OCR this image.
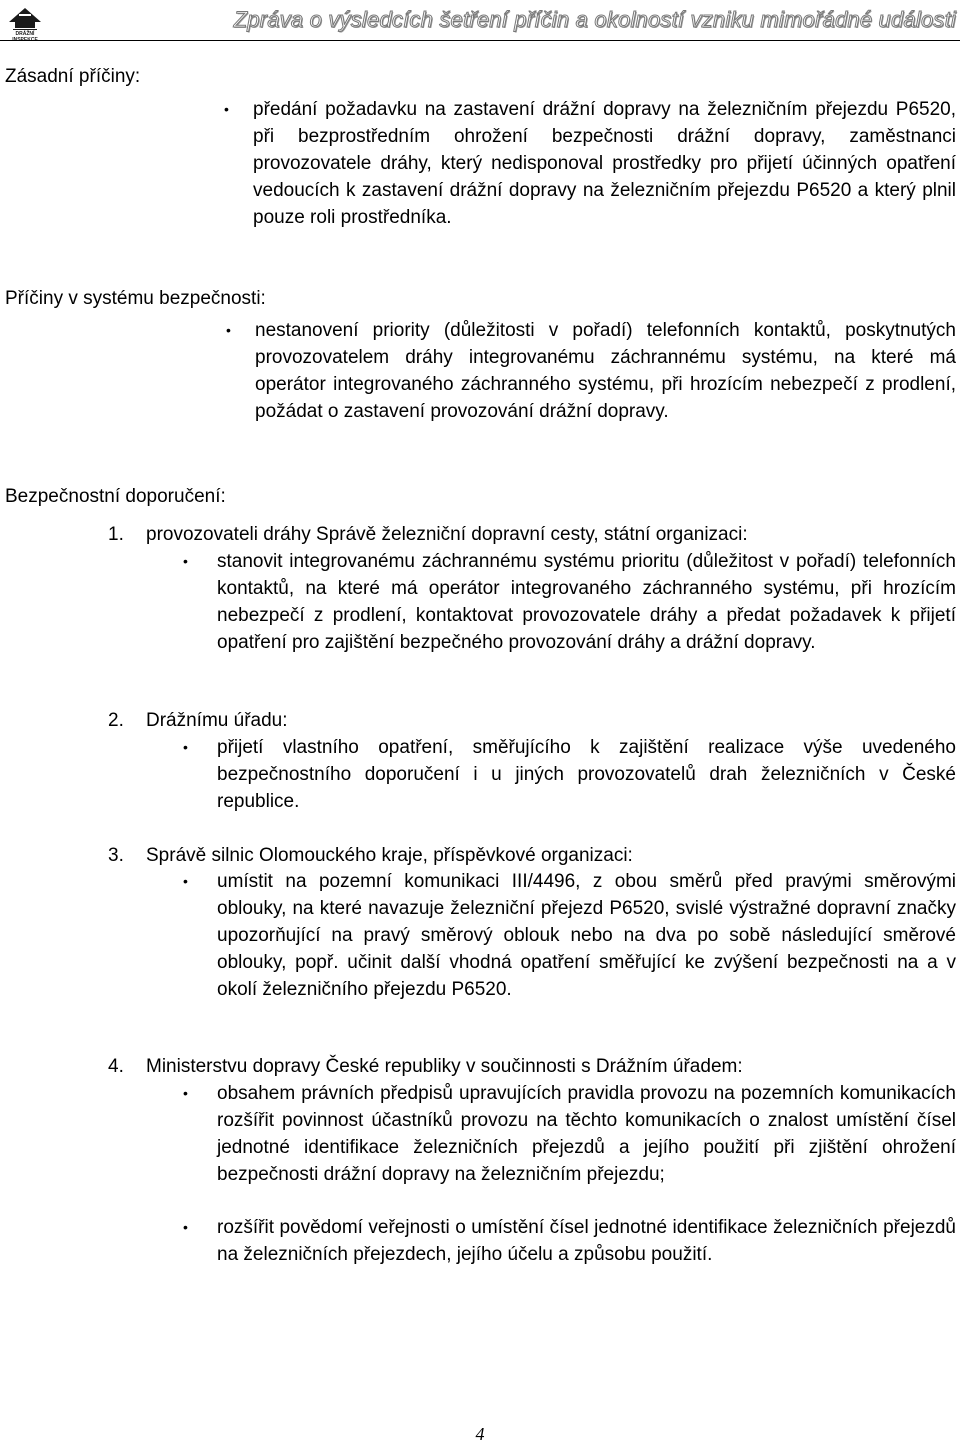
DRÁŽNÍ
INSPEKCE
Zpráva o výsledcích šetření příčin a okolností vzniku mimořádné události
Zásadní příčiny:
• předání požadavku na zastavení drážní dopravy na železničním přejezdu P6520, při bezprostředním ohrožení bezpečnosti drážní dopravy, zaměstnanci provozovatele dráhy, který nedisponoval prostředky pro přijetí účinných opatření vedoucích k zastavení drážní dopravy na železničním přejezdu P6520 a který plnil pouze roli prostředníka.
Příčiny v systému bezpečnosti:
• nestanovení priority (důležitosti v pořadí) telefonních kontaktů, poskytnutých provozovatelem dráhy integrovanému záchrannému systému, na které má operátor integrovaného záchranného systému, při hrozícím nebezpečí z prodlení, požádat o zastavení provozování drážní dopravy.
Bezpečnostní doporučení:
1. provozovateli dráhy Správě železniční dopravní cesty, státní organizaci:
• stanovit integrovanému záchrannému systému prioritu (důležitost v pořadí) telefonních kontaktů, na které má operátor integrovaného záchranného systému, při hrozícím nebezpečí z prodlení, kontaktovat provozovatele dráhy a předat požadavek k přijetí opatření pro zajištění bezpečného provozování dráhy a drážní dopravy.
2. Drážnímu úřadu:
• přijetí vlastního opatření, směřujícího k zajištění realizace výše uvedeného bezpečnostního doporučení i u jiných provozovatelů drah železničních v České republice.
3. Správě silnic Olomouckého kraje, příspěvkové organizaci:
• umístit na pozemní komunikaci III/4496, z obou směrů před pravými směrovými oblouky, na které navazuje železniční přejezd P6520, svislé výstražné dopravní značky upozorňující na pravý směrový oblouk nebo na dva po sobě následující směrové oblouky, popř. učinit další vhodná opatření směřující ke zvýšení bezpečnosti na a v okolí železničního přejezdu P6520.
4. Ministerstvu dopravy České republiky v součinnosti s Drážním úřadem:
• obsahem právních předpisů upravujících pravidla provozu na pozemních komunikacích rozšířit povinnost účastníků provozu na těchto komunikacích o znalost umístění čísel jednotné identifikace železničních přejezdů a jejího použití při zjištění ohrožení bezpečnosti drážní dopravy na železničním přejezdu;
• rozšířit povědomí veřejnosti o umístění čísel jednotné identifikace železničních přejezdů na železničních přejezdech, jejího účelu a způsobu použití.
4
